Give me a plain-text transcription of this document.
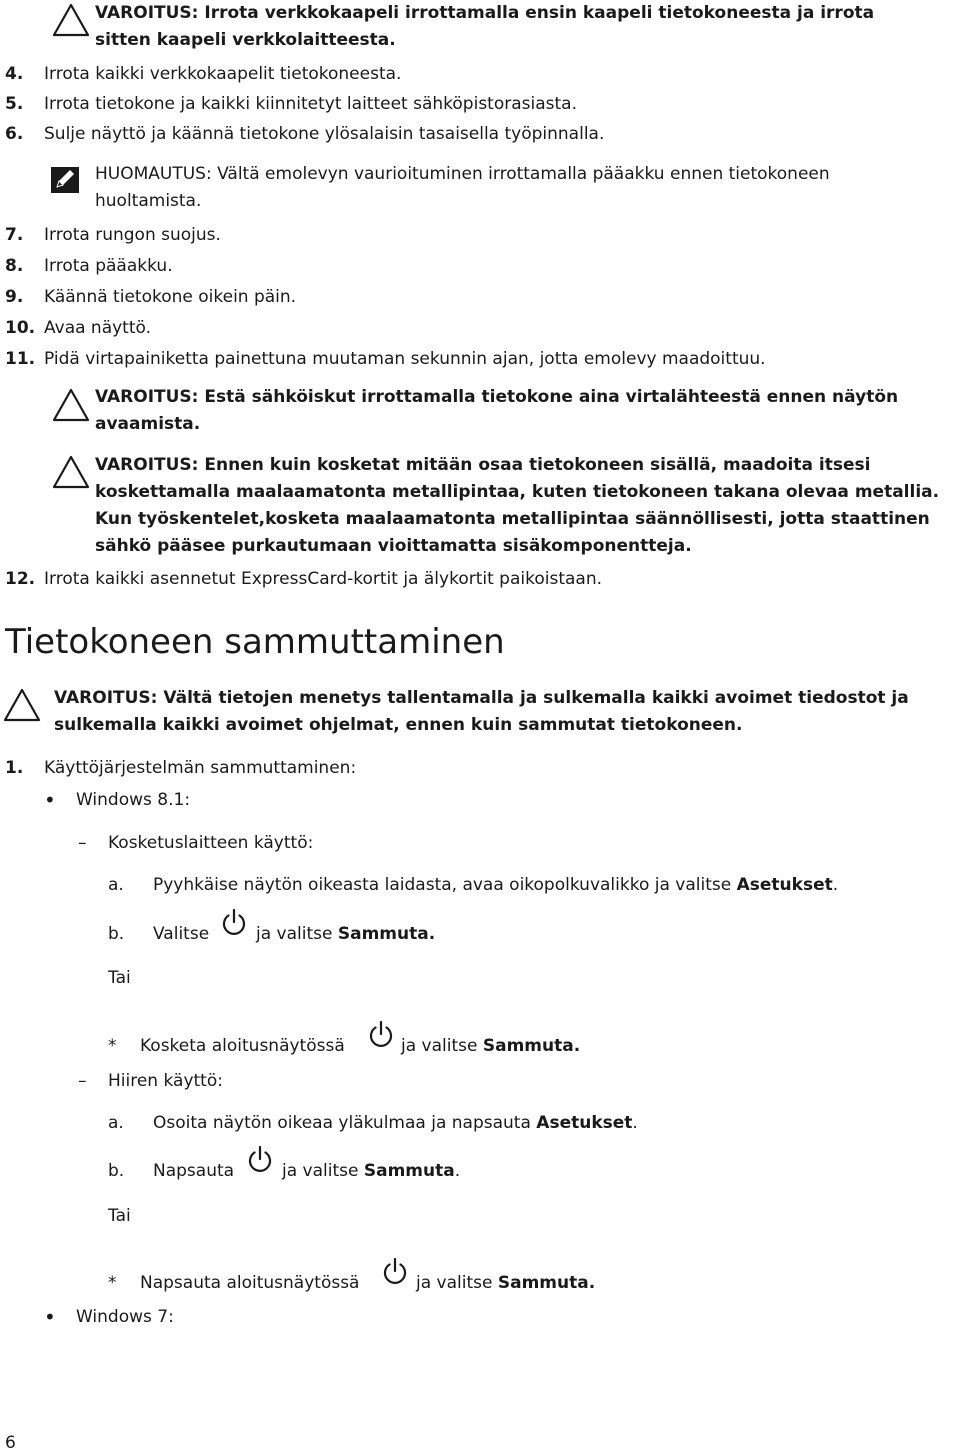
VAROITUS: Irrota verkkokaapeli irrottamalla ensin kaapeli tietokoneesta ja irrota sitten kaapeli verkkolaitteesta.
4. Irrota kaikki verkkokaapelit tietokoneesta.
5. Irrota tietokone ja kaikki kiinnitetyt laitteet sähköpistorasiasta.
6. Sulje näyttö ja käännä tietokone ylösalaisin tasaisella työpinnalla.
HUOMAUTUS: Vältä emolevyn vaurioituminen irrottamalla pääakku ennen tietokoneen huoltamista.
7. Irrota rungon suojus.
8. Irrota pääakku.
9. Käännä tietokone oikein päin.
10. Avaa näyttö.
11. Pidä virtapainiketta painettuna muutaman sekunnin ajan, jotta emolevy maadoittuu.
VAROITUS: Estä sähköiskut irrottamalla tietokone aina virtalähteestä ennen näytön avaamista.
VAROITUS: Ennen kuin kosketat mitään osaa tietokoneen sisällä, maadoita itsesi koskettamalla maalaamatonta metallipintaa, kuten tietokoneen takana olevaa metallia. Kun työskentelet,kosketa maalaamatonta metallipintaa säännöllisesti, jotta staattinen sähkö pääsee purkautumaan vioittamatta sisäkomponentteja.
12. Irrota kaikki asennetut ExpressCard-kortit ja älykortit paikoistaan.
Tietokoneen sammuttaminen
VAROITUS: Vältä tietojen menetys tallentamalla ja sulkemalla kaikki avoimet tiedostot ja sulkemalla kaikki avoimet ohjelmat, ennen kuin sammutat tietokoneen.
1. Käyttöjärjestelmän sammuttaminen:
• Windows 8.1:
– Kosketuslaitteen käyttö:
a. Pyyhkäise näytön oikeasta laidasta, avaa oikopolkuvalikko ja valitse Asetukset.
b. Valitse	ja valitse Sammuta.
Tai
* Kosketa aloitusnäytössä	ja valitse Sammuta.
– Hiiren käyttö:
a. Osoita näytön oikeaa yläkulmaa ja napsauta Asetukset.
b. Napsauta	ja valitse Sammuta.
Tai
* Napsauta aloitusnäytössä	ja valitse Sammuta.
• Windows 7:
6
